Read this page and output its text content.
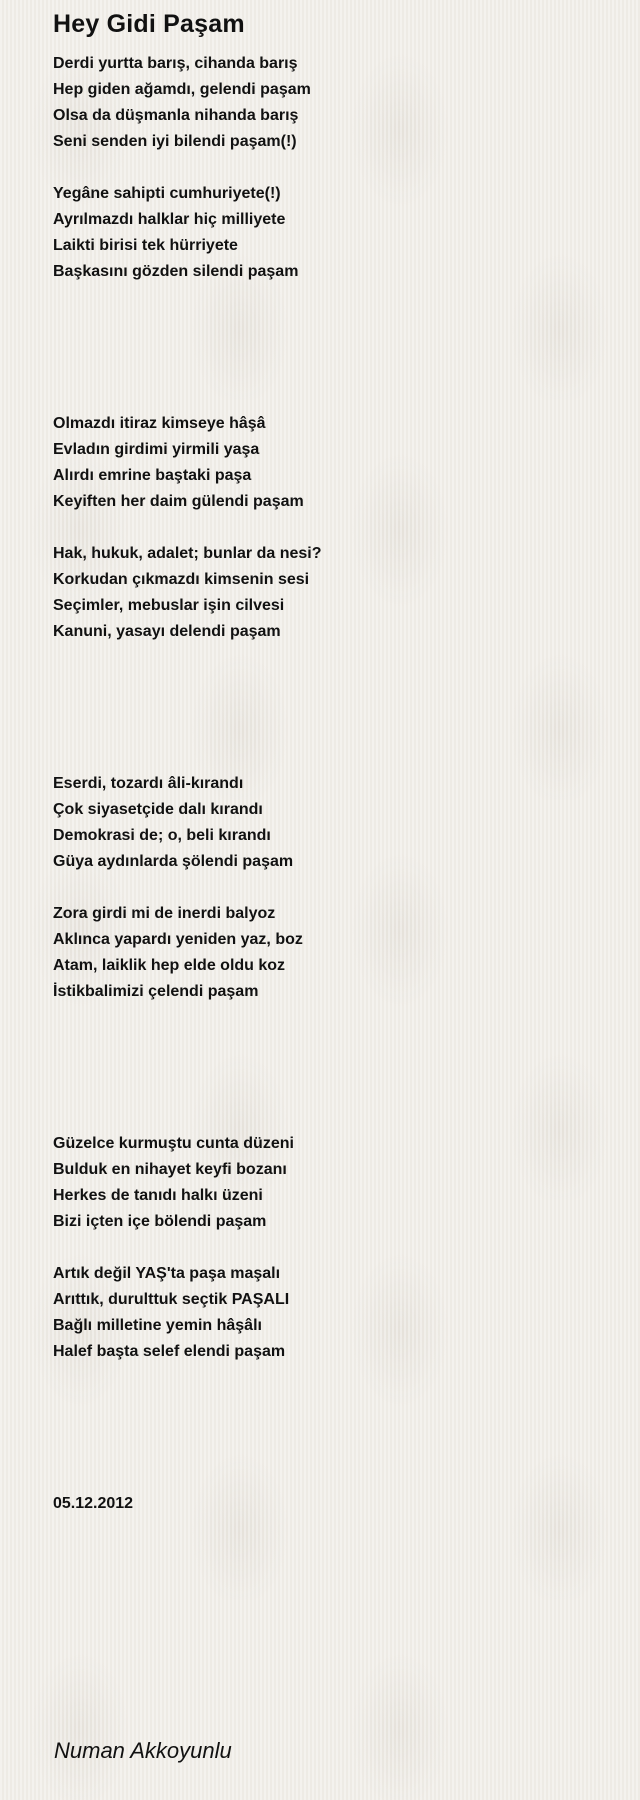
Hey Gidi Paşam
Derdi yurtta barış, cihanda barış
Hep giden ağamdı, gelendi paşam
Olsa da düşmanla nihanda barış
Seni senden iyi bilendi paşam(!)
Yegâne sahipti cumhuriyete(!)
Ayrılmazdı halklar hiç milliyete
Laikti birisi tek hürriyete
Başkasını gözden silendi paşam
Olmazdı itiraz kimseye hâşâ
Evladın girdimi yirmili yaşa
Alırdı emrine baştaki paşa
Keyiften her daim gülendi paşam
Hak, hukuk, adalet; bunlar da nesi?
Korkudan çıkmazdı kimsenin sesi
Seçimler, mebuslar işin cilvesi
Kanuni, yasayı delendi paşam
Eserdi, tozardı âli-kırandı
Çok siyasetçide dalı kırandı
Demokrasi de; o, beli kırandı
Güya aydınlarda şölendi paşam
Zora girdi mi de inerdi balyoz
Aklınca yapardı yeniden yaz, boz
Atam, laiklik hep elde oldu koz
İstikbalimizi çelendi paşam
Güzelce kurmuştu cunta düzeni
Bulduk en nihayet keyfi bozanı
Herkes de tanıdı halkı üzeni
Bizi içten içe bölendi paşam
Artık değil YAŞ'ta paşa maşalı
Arıttık, durulttuk seçtik PAŞALI
Bağlı milletine yemin hâşâlı
Halef başta selef elendi paşam
05.12.2012
Numan Akkoyunlu
